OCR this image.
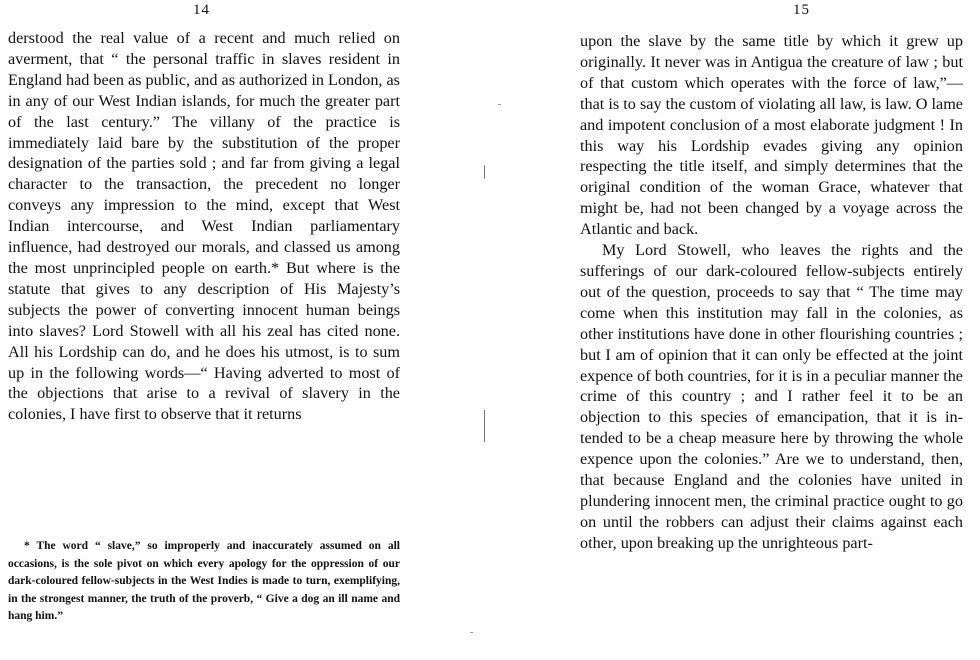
14

derstood the real value of a recent and much relied on averment, that “ the personal traffic in slaves resident in England had been as public, and as authorized in London, as in any of our West Indian islands, for much the greater part of the last century.” The villany of the practice is immediately laid bare by the substitution of the proper designation of the parties sold ; and far from giving a legal character to the transaction, the precedent no longer conveys any impression to the mind, except that West Indian intercourse, and West Indian parliamentary influence, had destroyed our morals, and classed us among the most unprincipled people on earth.* But where is the statute that gives to any description of His Majesty’s subjects the power of converting innocent human beings into slaves? Lord Stowell with all his zeal has cited none. All his Lordship can do, and he does his utmost, is to sum up in the following words—“ Having adverted to most of the objections that arise to a revival of slavery in the colonies, I have first to observe that it returns

* The word “ slave,” so improperly and inaccurately assumed on all occasions, is the sole pivot on which every apology for the oppression of our dark-coloured fellow-subjects in the West Indies is made to turn, exemplifying, in the strongest manner, the truth of the proverb, “ Give a dog an ill name and hang him.”

15

upon the slave by the same title by which it grew up originally. It never was in Antigua the creature of law ; but of that custom which operates with the force of law,”—that is to say the custom of violating all law, is law. O lame and impotent conclusion of a most elaborate judgment ! In this way his Lordship evades giving any opinion respecting the title itself, and simply determines that the original condition of the woman Grace, whatever that might be, had not been changed by a voyage across the Atlantic and back.

My Lord Stowell, who leaves the rights and the sufferings of our dark-coloured fellow-subjects entirely out of the question, proceeds to say that “ The time may come when this institution may fall in the colonies, as other institutions have done in other flourishing countries ; but I am of opinion that it can only be effected at the joint expence of both countries, for it is in a peculiar manner the crime of this country ; and I rather feel it to be an objection to this species of emancipation, that it is intended to be a cheap measure here by throwing the whole expence upon the colonies.” Are we to understand, then, that because England and the colonies have united in plundering innocent men, the criminal practice ought to go on until the robbers can adjust their claims against each other, upon breaking up the unrighteous part-
